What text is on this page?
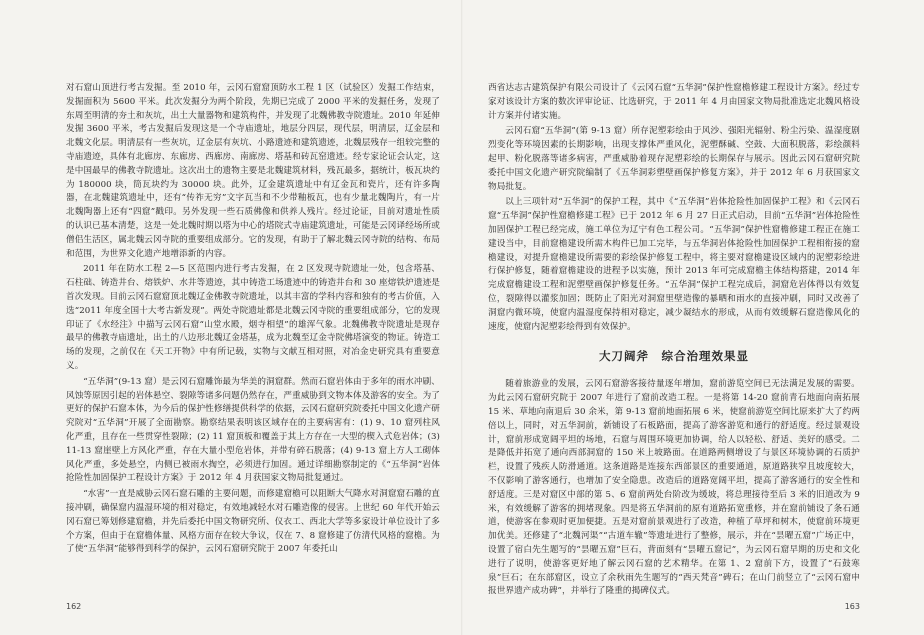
对石窟山顶进行考古发掘。至 2010 年，云冈石窟窟顶防水工程 1 区（试验区）发掘工作结束，发掘面积为 5600 平米。此次发掘分为两个阶段，先期已完成了 2000 平米的发掘任务，发现了东周至明清的夯土和灰坑，出土大量器物和建筑构件，并发现了北魏佛教寺院遗址。2010 年延伸发掘 3600 平米，考古发掘后发现这是一个寺庙遗址，地层分四层，现代层，明清层，辽金层和北魏文化层。明清层有一些灰坑，辽金层有灰坑、小路遗迹和建筑遗迹，北魏层残存一组较完整的寺庙遗迹，具体有北廊房、东廊房、西廊房、南廊房、塔基和砖瓦窑遗迹。经专家论证会认定，这是中国最早的佛教寺院遗址。这次出土的遗物主要是北魏建筑材料，残瓦最多，据统计，板瓦块约为 180000 块，筒瓦块约为 30000 块。此外，辽金建筑遗址中有辽金瓦和瓷片，还有许多陶器，在北魏建筑遗址中，还有“传祚无穷”文字瓦当和不少带釉板瓦，也有少量北魏陶片，有一片北魏陶器上还有“四窟”戳印。另外发现一些石质佛像和供养人残片。经过论证，目前对遗址性质的认识已基本清楚，这是一处北魏时期以塔为中心的塔院式寺庙建筑遗址，可能是云冈译经场所或僧侣生活区，属北魏云冈寺院的重要组成部分。它的发现，有助于了解北魏云冈寺院的结构、布局和范围，为世界文化遗产地增添新的内容。

2011 年在防水工程 2—5 区范围内进行考古发掘，在 2 区发现寺院遗址一处，包含塔基、石柱础、铸造井台、熔铁炉、水井等遗迹，其中铸造工场遗迹中的铸造井台和 30 座熔铁炉遗迹是首次发现。目前云冈石窟窟顶北魏辽金佛教寺院遗址，以其丰富的学科内容和独有的考古价值，入选“2011 年度全国十大考古新发现”。两处寺院遗址都是北魏云冈寺院的重要组成部分，它的发现印证了《水经注》中描写云冈石窟“山堂水殿，烟寺相望”的雄浑气象。北魏佛教寺院遗址是现存最早的佛教寺庙遗址，出土的八边形北魏辽金塔基，成为北魏至辽金寺院佛塔演变的物证。铸造工场的发现，之前仅在《天工开物》中有所记载，实物与文献互相对照，对冶金史研究具有重要意义。

“五华洞”(9-13 窟）是云冈石窟雕饰最为华美的洞窟群。然而石窟岩体由于多年的雨水冲刷、风蚀等原因引起的岩体悬空、裂隙等诸多问题仍然存在，严重威胁到文物本体及游客的安全。为了更好的保护石窟本体，为今后的保护性修缮提供科学的依据，云冈石窟研究院委托中国文化遗产研究院对“五华洞”开展了全面勘察。勘察结果表明该区域存在的主要病害有：(1) 9、10 窟列柱风化严重，且存在一些贯穿性裂隙；(2) 11 窟顶板和覆盖于其上方存在一大型的楔入式危岩体；(3) 11-13 窟崖壁上方风化严重，存在大量小型危岩体，并带有碎石脱落；(4) 9-13 窟上方人工砌体风化严重，多处悬空，内侧已被雨水掏空，必须进行加固。通过详细勘察制定的《“五华洞”岩体抢险性加固保护工程设计方案》于 2012 年 4 月获国家文物局批复通过。

“水害”一直是威胁云冈石窟石雕的主要问题，而修建窟檐可以阻断大气降水对洞窟窟石雕的直接冲刷，确保窟内温湿环境的相对稳定，有效地减轻水对石雕造像的侵害。上世纪 60 年代开始云冈石窟已筹划修建窟檐，并先后委托中国文物研究所、仪衣工、西北大学等多家设计单位设计了多个方案，但由于在窟檐体量、风格方面存在较大争议，仅在 7、8 窟修建了仿清代风格的窟檐。为了使“五华洞”能够得到科学的保护，云冈石窟研究院于 2007 年委托山

162

西省达志古建筑保护有限公司设计了《云冈石窟“五华洞”保护性窟檐修建工程设计方案》。经过专家对该设计方案的数次评审论证、比选研究，于 2011 年 4 月由国家文物局批准选定北魏风格设计方案并付诸实施。

云冈石窟“五华洞”(第 9-13 窟）所存泥塑彩绘由于风沙、强阳光辐射、粉尘污染、温湿度剧烈变化等环境因素的长期影响，出现支撑体严重风化，泥塑酥碱、空鼓、大面积脱落，彩绘颜料起甲、粉化脱落等诸多病害，严重威胁着现存泥塑彩绘的长期保存与展示。因此云冈石窟研究院委托中国文化遗产研究院编制了《五华洞彩塑壁画保护修复方案》，并于 2012 年 6 月获国家文物局批复。

以上三项针对“五华洞”的保护工程，其中《“五华洞”岩体抢险性加固保护工程》和《云冈石窟“五华洞”保护性窟檐修建工程》已于 2012 年 6 月 27 日正式启动，目前“五华洞”岩体抢险性加固保护工程已经完成，施工单位为辽宁有色工程公司。“五华洞”保护性窟檐修建工程正在施工建设当中，目前窟檐建设所需木构件已加工完毕，与五华洞岩体抢险性加固保护工程相衔接的窟檐建设，对提升窟檐建设所需要的彩绘保护修复工程中，将主要对窟檐建设区域内的泥塑彩绘进行保护修复，随着窟檐建设的进程予以实施，预计 2013 年可完成窟檐主体结构搭建，2014 年完成窟檐建设工程和泥塑壁画保护修复任务。“五华洞”保护工程完成后，洞窟危岩体得以有效复位，裂隙得以灌浆加固；既防止了阳光对洞窟里壁造像的暴晒和雨水的直接冲刷，同时又改善了洞窟内微环境，使窟内温湿度保持相对稳定，减少凝结水的形成，从而有效缓解石窟造像风化的速度，使窟内泥塑彩绘得到有效保护。

大刀阔斧　综合治理效果显

随着旅游业的发展，云冈石窟游客接待量逐年增加，窟前游览空间已无法满足发展的需要。为此云冈石窟研究院于 2007 年进行了窟前改造工程。一是将第 14-20 窟前青石地面向南拓展 15 米、草地向南退后 30 余米，第 9-13 窟前地面拓展 6 米，使窟前游览空间比原来扩大了约两倍以上，同时，对五华洞前，新铺设了石板路面，提高了游客游览和通行的舒适度。经过景观设计，窟前形成宽阔平坦的场地，石窟与周围环境更加协调，给人以轻松、舒适、美好的感受。二是降低并拓宽了通向西部洞窟的 150 米上坡路面。在道路两侧增设了与景区环境协调的石质护栏，设置了残疾人防滑通道。这条道路是连接东西部景区的重要通道，原道路狭窄且坡度较大，不仅影响了游客通行，也增加了安全隐患。改造后的道路宽阔平坦，提高了游客通行的安全性和舒适度。三是对窟区中部的第 5、6 窟前两处台阶改为缓坡，将总理接待至后 3 米的旧道改为 9 米，有效缓解了游客的拥堵现象。四是将五华洞前的原有道路拓宽重修，并在窟前铺设了条石通道，使游客在参观时更加便捷。五是对窟前景观进行了改造，种植了草坪和树木，使窟前环境更加优美。还修建了“北魏河渠”“古道车辙”等遗址进行了整修，展示，并在“昙曜五窟”广场正中，设置了宿白先生题写的“昙曜五窟”巨石，背面刻有“昙曜五窟记”，为云冈石窟早期的历史和文化进行了说明，使游客更好地了解云冈石窟的艺术精华。在第 1、2 窟前下方，设置了“石鼓寒泉”巨石；在东部窟区，设立了余秋雨先生题写的“西天梵音”碑石；在山门前竖立了“云冈石窟申报世界遗产成功碑”，并举行了隆重的揭碑仪式。

163
